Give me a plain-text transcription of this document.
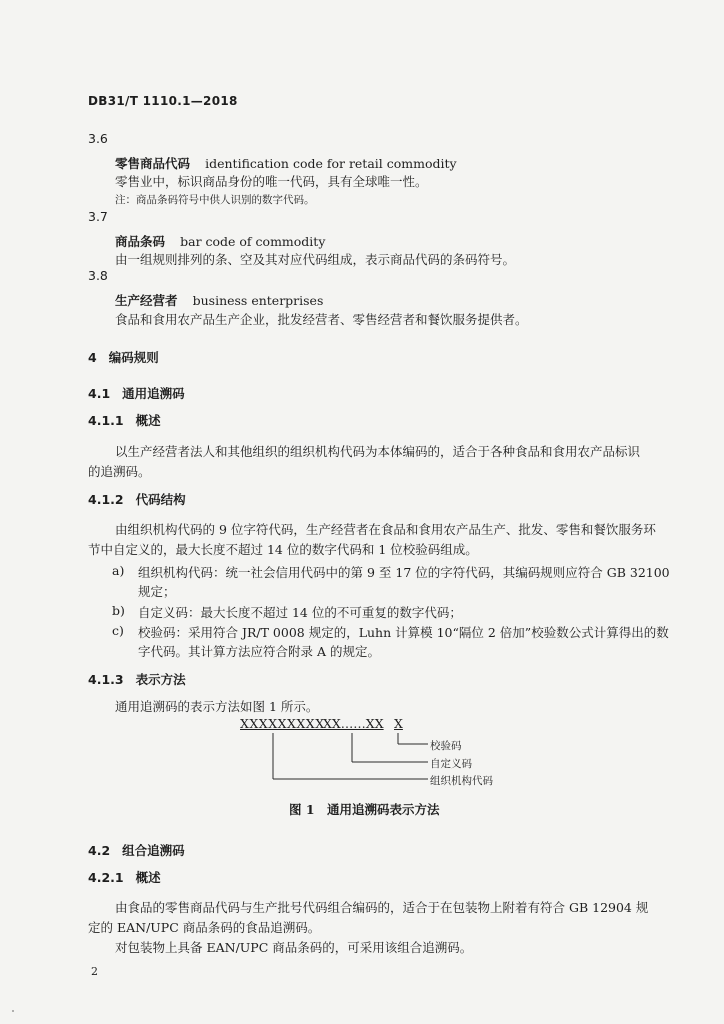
DB31/T 1110.1—2018
3.6
零售商品代码 identification code for retail commodity
零售业中，标识商品身份的唯一代码，具有全球唯一性。
注：商品条码符号中供人识别的数字代码。
3.7
商品条码 bar code of commodity
由一组规则排列的条、空及其对应代码组成，表示商品代码的条码符号。
3.8
生产经营者 business enterprises
食品和食用农产品生产企业，批发经营者、零售经营者和餐饮服务提供者。
4 编码规则
4.1 通用追溯码
4.1.1 概述
以生产经营者法人和其他组织的组织机构代码为本体编码的，适合于各种食品和食用农产品标识
的追溯码。
4.1.2 代码结构
由组织机构代码的 9 位字符代码，生产经营者在食品和食用农产品生产、批发、零售和餐饮服务环
节中自定义的，最大长度不超过 14 位的数字代码和 1 位校验码组成。
a) 组织机构代码：统一社会信用代码中的第 9 至 17 位的字符代码，其编码规则应符合 GB 32100
规定；
b) 自定义码：最大长度不超过 14 位的不可重复的数字代码；
c) 校验码：采用符合 JR/T 0008 规定的，Luhn 计算模 10“隔位 2 倍加”校验数公式计算得出的数
字代码。其计算方法应符合附录 A 的规定。
4.1.3 表示方法
通用追溯码的表示方法如图 1 所示。
XXXXXXXXX
XX……XX X
校验码
自定义码
组织机构代码
图 1　通用追溯码表示方法
4.2 组合追溯码
4.2.1 概述
由食品的零售商品代码与生产批号代码组合编码的，适合于在包装物上附着有符合 GB 12904 规
定的 EAN/UPC 商品条码的食品追溯码。
对包装物上具备 EAN/UPC 商品条码的，可采用该组合追溯码。
2
